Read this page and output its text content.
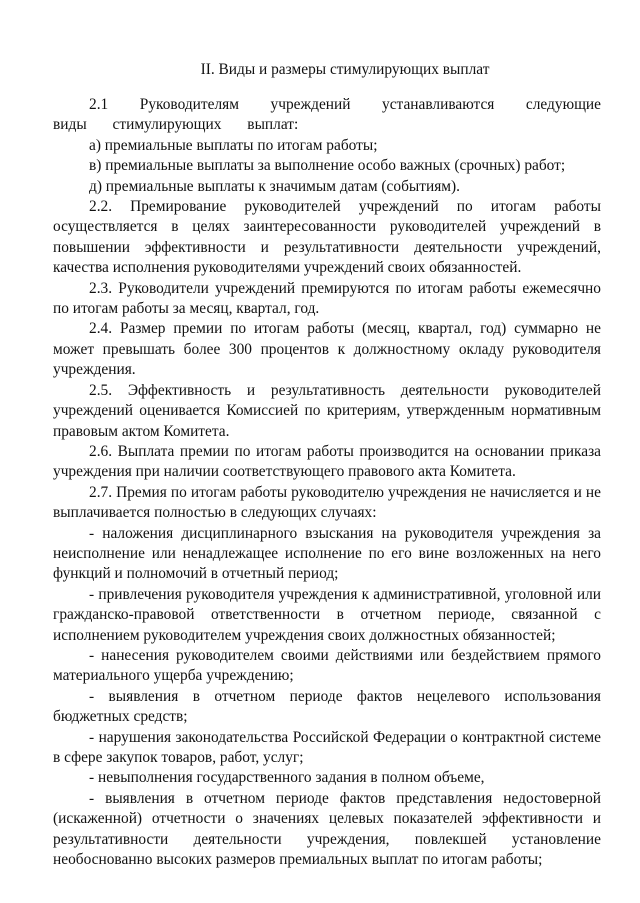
II. Виды и размеры стимулирующих выплат

2.1 Руководителям учреждений устанавливаются следующие виды стимулирующих выплат:

а) премиальные выплаты по итогам работы;

в) премиальные выплаты за выполнение особо важных (срочных) работ;

д) премиальные выплаты к значимым датам (событиям).

2.2. Премирование руководителей учреждений по итогам работы осуществляется в целях заинтересованности руководителей учреждений в повышении эффективности и результативности деятельности учреждений, качества исполнения руководителями учреждений своих обязанностей.

2.3. Руководители учреждений премируются по итогам работы ежемесячно по итогам работы за месяц, квартал, год.

2.4. Размер премии по итогам работы (месяц, квартал, год) суммарно не может превышать более 300 процентов к должностному окладу руководителя учреждения.

2.5. Эффективность и результативность деятельности руководителей учреждений оценивается Комиссией по критериям, утвержденным нормативным правовым актом Комитета.

2.6. Выплата премии по итогам работы производится на основании приказа учреждения при наличии соответствующего правового акта Комитета.

2.7. Премия по итогам работы руководителю учреждения не начисляется и не выплачивается полностью в следующих случаях:

- наложения дисциплинарного взыскания на руководителя учреждения за неисполнение или ненадлежащее исполнение по его вине возложенных на него функций и полномочий в отчетный период;

- привлечения руководителя учреждения к административной, уголовной или гражданско-правовой ответственности в отчетном периоде, связанной с исполнением руководителем учреждения своих должностных обязанностей;

- нанесения руководителем своими действиями или бездействием прямого материального ущерба учреждению;

- выявления в отчетном периоде фактов нецелевого использования бюджетных средств;

- нарушения законодательства Российской Федерации о контрактной системе в сфере закупок товаров, работ, услуг;

- невыполнения государственного задания в полном объеме,

- выявления в отчетном периоде фактов представления недостоверной (искаженной) отчетности о значениях целевых показателей эффективности и результативности деятельности учреждения, повлекшей установление необоснованно высоких размеров премиальных выплат по итогам работы;
